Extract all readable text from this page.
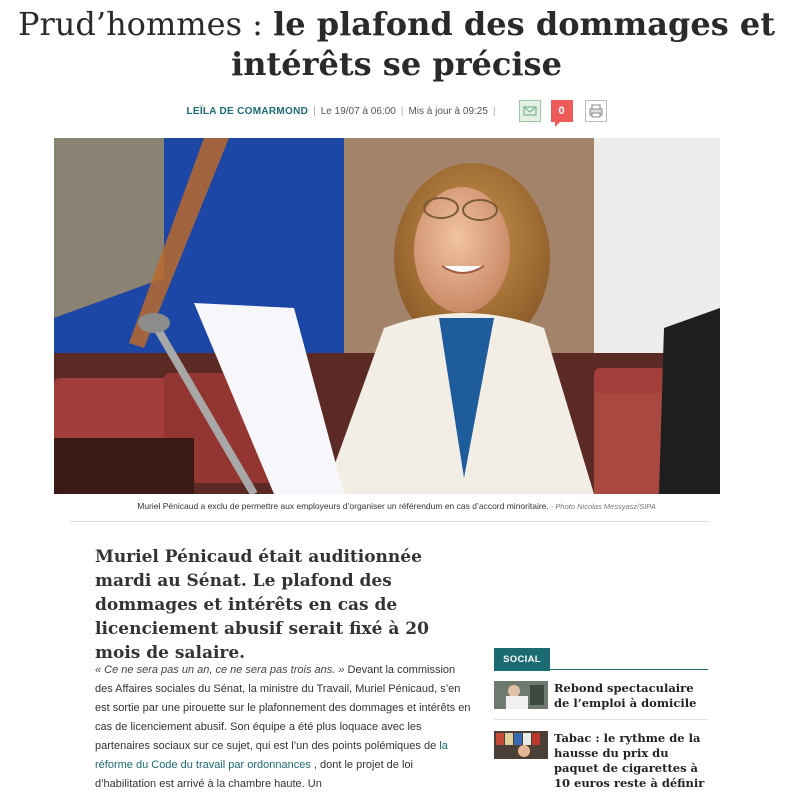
Prud’hommes : le plafond des dommages et intérêts se précise
LEÏLA DE COMARMOND | Le 19/07 à 06:00 | Mis à jour à 09:25 |	0
Muriel Pénicaud a exclu de permettre aux employeurs d’organiser un référendum en cas d’accord minoritaire. - Photo Nicolas Messyasz/SIPA

Muriel Pénicaud était auditionnée mardi au Sénat. Le plafond des dommages et intérêts en cas de licenciement abusif serait fixé à 20 mois de salaire.

« Ce ne sera pas un an, ce ne sera pas trois ans. » Devant la commission des Affaires sociales du Sénat, la ministre du Travail, Muriel Pénicaud, s’en est sortie par une pirouette sur le plafonnement des dommages et intérêts en cas de licenciement abusif. Son équipe a été plus loquace avec les partenaires sociaux sur ce sujet, qui est l’un des points polémiques de la réforme du Code du travail par ordonnances , dont le projet de loi d’habilitation est arrivé à la chambre haute. Un

SOCIAL
Rebond spectaculaire de l’emploi à domicile
Tabac : le rythme de la hausse du prix du paquet de cigarettes à 10 euros reste à définir
